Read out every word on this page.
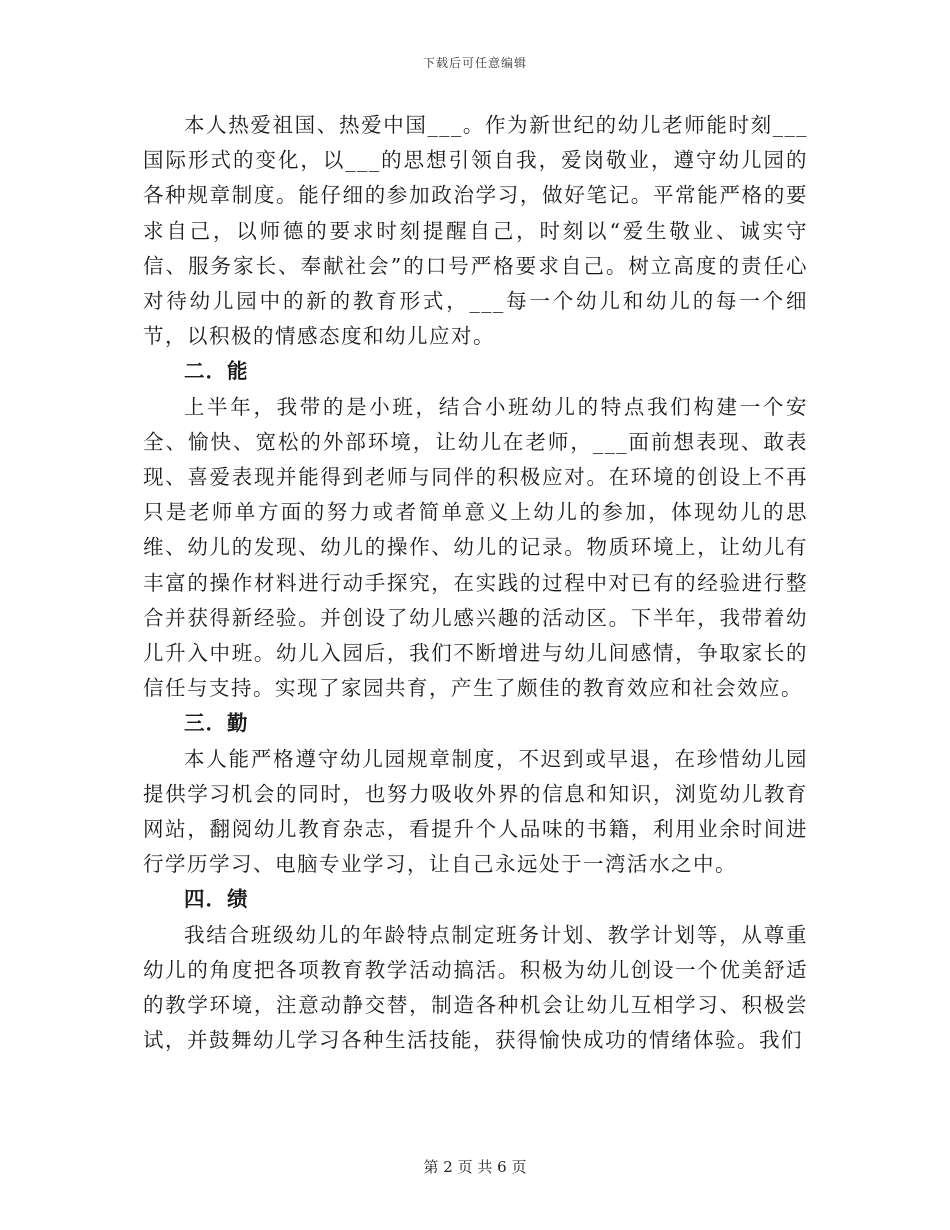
下载后可任意编辑

本人热爱祖国、热爱中国___。作为新世纪的幼儿老师能时刻___国际形式的变化，以___的思想引领自我，爱岗敬业，遵守幼儿园的各种规章制度。能仔细的参加政治学习，做好笔记。平常能严格的要求自己，以师德的要求时刻提醒自己，时刻以“爱生敬业、诚实守信、服务家长、奉献社会”的口号严格要求自己。树立高度的责任心对待幼儿园中的新的教育形式，___每一个幼儿和幼儿的每一个细节，以积极的情感态度和幼儿应对。

二．能

上半年，我带的是小班，结合小班幼儿的特点我们构建一个安全、愉快、宽松的外部环境，让幼儿在老师，___面前想表现、敢表现、喜爱表现并能得到老师与同伴的积极应对。在环境的创设上不再只是老师单方面的努力或者简单意义上幼儿的参加，体现幼儿的思维、幼儿的发现、幼儿的操作、幼儿的记录。物质环境上，让幼儿有丰富的操作材料进行动手探究，在实践的过程中对已有的经验进行整合并获得新经验。并创设了幼儿感兴趣的活动区。下半年，我带着幼儿升入中班。幼儿入园后，我们不断增进与幼儿间感情，争取家长的信任与支持。实现了家园共育，产生了颇佳的教育效应和社会效应。

三．勤

本人能严格遵守幼儿园规章制度，不迟到或早退，在珍惜幼儿园提供学习机会的同时，也努力吸收外界的信息和知识，浏览幼儿教育网站，翻阅幼儿教育杂志，看提升个人品味的书籍，利用业余时间进行学历学习、电脑专业学习，让自己永远处于一湾活水之中。

四．绩

我结合班级幼儿的年龄特点制定班务计划、教学计划等，从尊重幼儿的角度把各项教育教学活动搞活。积极为幼儿创设一个优美舒适的教学环境，注意动静交替，制造各种机会让幼儿互相学习、积极尝试，并鼓舞幼儿学习各种生活技能，获得愉快成功的情绪体验。我们

第 2 页 共 6 页
